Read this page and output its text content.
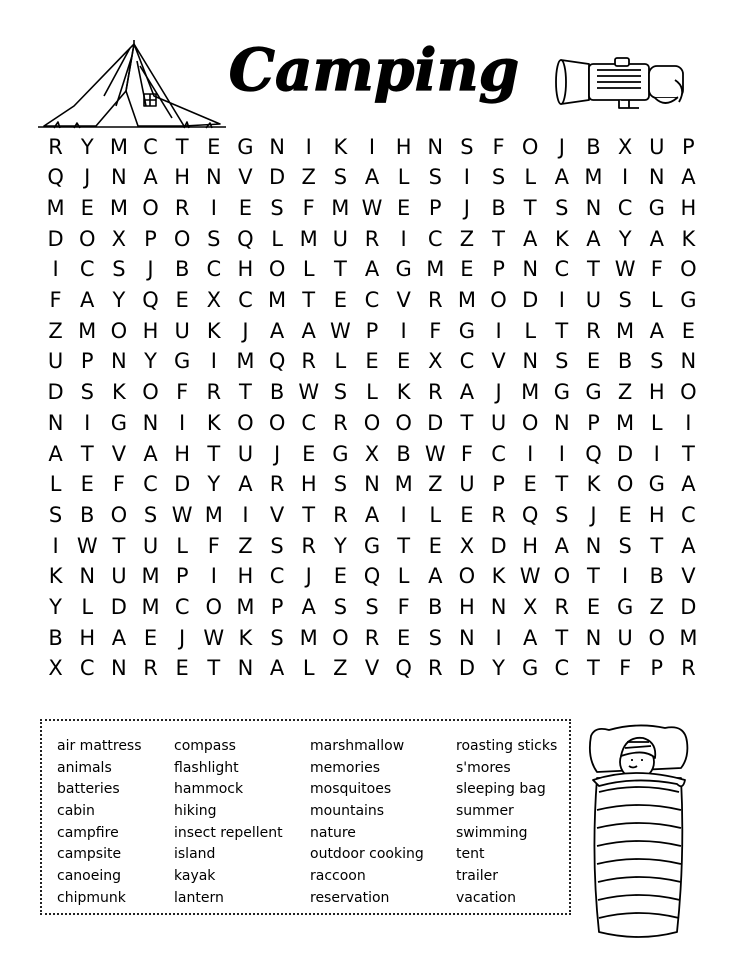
Camping
R Y M C T E G N I	K	I H N S F O J	B X U P
Q J N A H N V D Z S A L S	I	S L A M I N A
M E M O R	I	E S F M W E P	J	B T S N C G H
D O X P O S Q L M U R	I	C Z T A K A Y A K
I	C S	J	B C H O L T A G M E P N C T W F O
F A Y Q E X C M T E C V R M O D I U S L G
Z M O H U K	J	A A W P	I	F G I	L T R M A E
U P N Y G I M Q R L E E X C V N S E B S N
D S K O F R T B W S L K R A	J M G G Z H O
N I G N I	K O O C R O O D T U O N P M L	I
A T V A H T U J	E G X B W F C	I	I Q D I	T
L E F C D Y A R H S N M Z U P E T K O G A
S B O S W M I	V T R A	I	L E R Q S	J	E H C
I W T U L F Z S R Y G T E X D H A N S T A
K N U M P	I H C	J	E Q L A O K W O T	I	B V
Y L D M C O M P A S S F B H N X R E G Z D
B H A E	J W K S M O R E S N I	A T N U O M
X C N R E T N A L Z V Q R D Y G C T F P R
air mattress
animals
batteries
cabin
campfire
campsite
canoeing
chipmunk
compass
flashlight
hammock
hiking
insect repellent
island
kayak
lantern
marshmallow
memories
mosquitoes
mountains
nature
outdoor cooking
raccoon
reservation
roasting sticks
s'mores
sleeping bag
summer
swimming
tent
trailer
vacation
